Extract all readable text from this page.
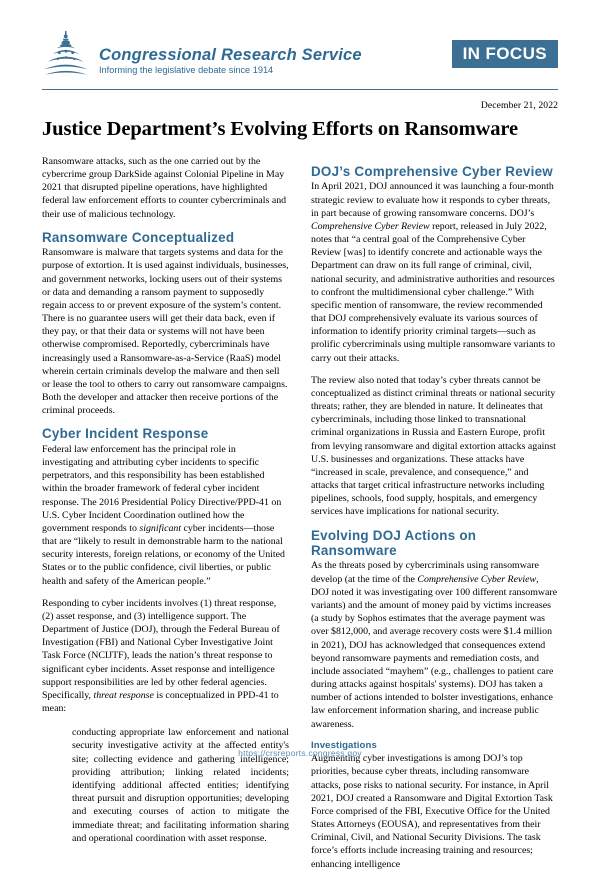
Congressional Research Service
Informing the legislative debate since 1914
IN FOCUS
December 21, 2022
Justice Department’s Evolving Efforts on Ransomware

Ransomware attacks, such as the one carried out by the cybercrime group DarkSide against Colonial Pipeline in May 2021 that disrupted pipeline operations, have highlighted federal law enforcement efforts to counter cybercriminals and their use of malicious technology.

Ransomware Conceptualized

Ransomware is malware that targets systems and data for the purpose of extortion. It is used against individuals, businesses, and government networks, locking users out of their systems or data and demanding a ransom payment to supposedly regain access to or prevent exposure of the system’s content. There is no guarantee users will get their data back, even if they pay, or that their data or systems will not have been otherwise compromised. Reportedly, cybercriminals have increasingly used a Ransomware-as-a-Service (RaaS) model wherein certain criminals develop the malware and then sell or lease the tool to others to carry out ransomware campaigns. Both the developer and attacker then receive portions of the criminal proceeds.

Cyber Incident Response

Federal law enforcement has the principal role in investigating and attributing cyber incidents to specific perpetrators, and this responsibility has been established within the broader framework of federal cyber incident response. The 2016 Presidential Policy Directive/PPD-41 on U.S. Cyber Incident Coordination outlined how the government responds to significant cyber incidents—those that are “likely to result in demonstrable harm to the national security interests, foreign relations, or economy of the United States or to the public confidence, civil liberties, or public health and safety of the American people.”

Responding to cyber incidents involves (1) threat response, (2) asset response, and (3) intelligence support. The Department of Justice (DOJ), through the Federal Bureau of Investigation (FBI) and National Cyber Investigative Joint Task Force (NCIJTF), leads the nation’s threat response to significant cyber incidents. Asset response and intelligence support responsibilities are led by other federal agencies. Specifically, threat response is conceptualized in PPD-41 to mean:

conducting appropriate law enforcement and national security investigative activity at the affected entity's site; collecting evidence and gathering intelligence; providing attribution; linking related incidents; identifying additional affected entities; identifying threat pursuit and disruption opportunities; developing and executing courses of action to mitigate the immediate threat; and facilitating information sharing and operational coordination with asset response.
DOJ’s Comprehensive Cyber Review

In April 2021, DOJ announced it was launching a four-month strategic review to evaluate how it responds to cyber threats, in part because of growing ransomware concerns. DOJ’s Comprehensive Cyber Review report, released in July 2022, notes that “a central goal of the Comprehensive Cyber Review [was] to identify concrete and actionable ways the Department can draw on its full range of criminal, civil, national security, and administrative authorities and resources to confront the multidimensional cyber challenge.” With specific mention of ransomware, the review recommended that DOJ comprehensively evaluate its various sources of information to identify priority criminal targets—such as prolific cybercriminals using multiple ransomware variants to carry out their attacks.

The review also noted that today’s cyber threats cannot be conceptualized as distinct criminal threats or national security threats; rather, they are blended in nature. It delineates that cybercriminals, including those linked to transnational criminal organizations in Russia and Eastern Europe, profit from levying ransomware and digital extortion attacks against U.S. businesses and organizations. These attacks have “increased in scale, prevalence, and consequence,” and attacks that target critical infrastructure networks including pipelines, schools, food supply, hospitals, and emergency services have implications for national security.

Evolving DOJ Actions on Ransomware

As the threats posed by cybercriminals using ransomware develop (at the time of the Comprehensive Cyber Review, DOJ noted it was investigating over 100 different ransomware variants) and the amount of money paid by victims increases (a study by Sophos estimates that the average payment was over $812,000, and average recovery costs were $1.4 million in 2021), DOJ has acknowledged that consequences extend beyond ransomware payments and remediation costs, and include associated “mayhem” (e.g., challenges to patient care during attacks against hospitals' systems). DOJ has taken a number of actions intended to bolster investigations, enhance law enforcement information sharing, and increase public awareness.

Investigations

Augmenting cyber investigations is among DOJ’s top priorities, because cyber threats, including ransomware attacks, pose risks to national security. For instance, in April 2021, DOJ created a Ransomware and Digital Extortion Task Force comprised of the FBI, Executive Office for the United States Attorneys (EOUSA), and representatives from their Criminal, Civil, and National Security Divisions. The task force’s efforts include increasing training and resources; enhancing intelligence

https://crsreports.congress.gov
